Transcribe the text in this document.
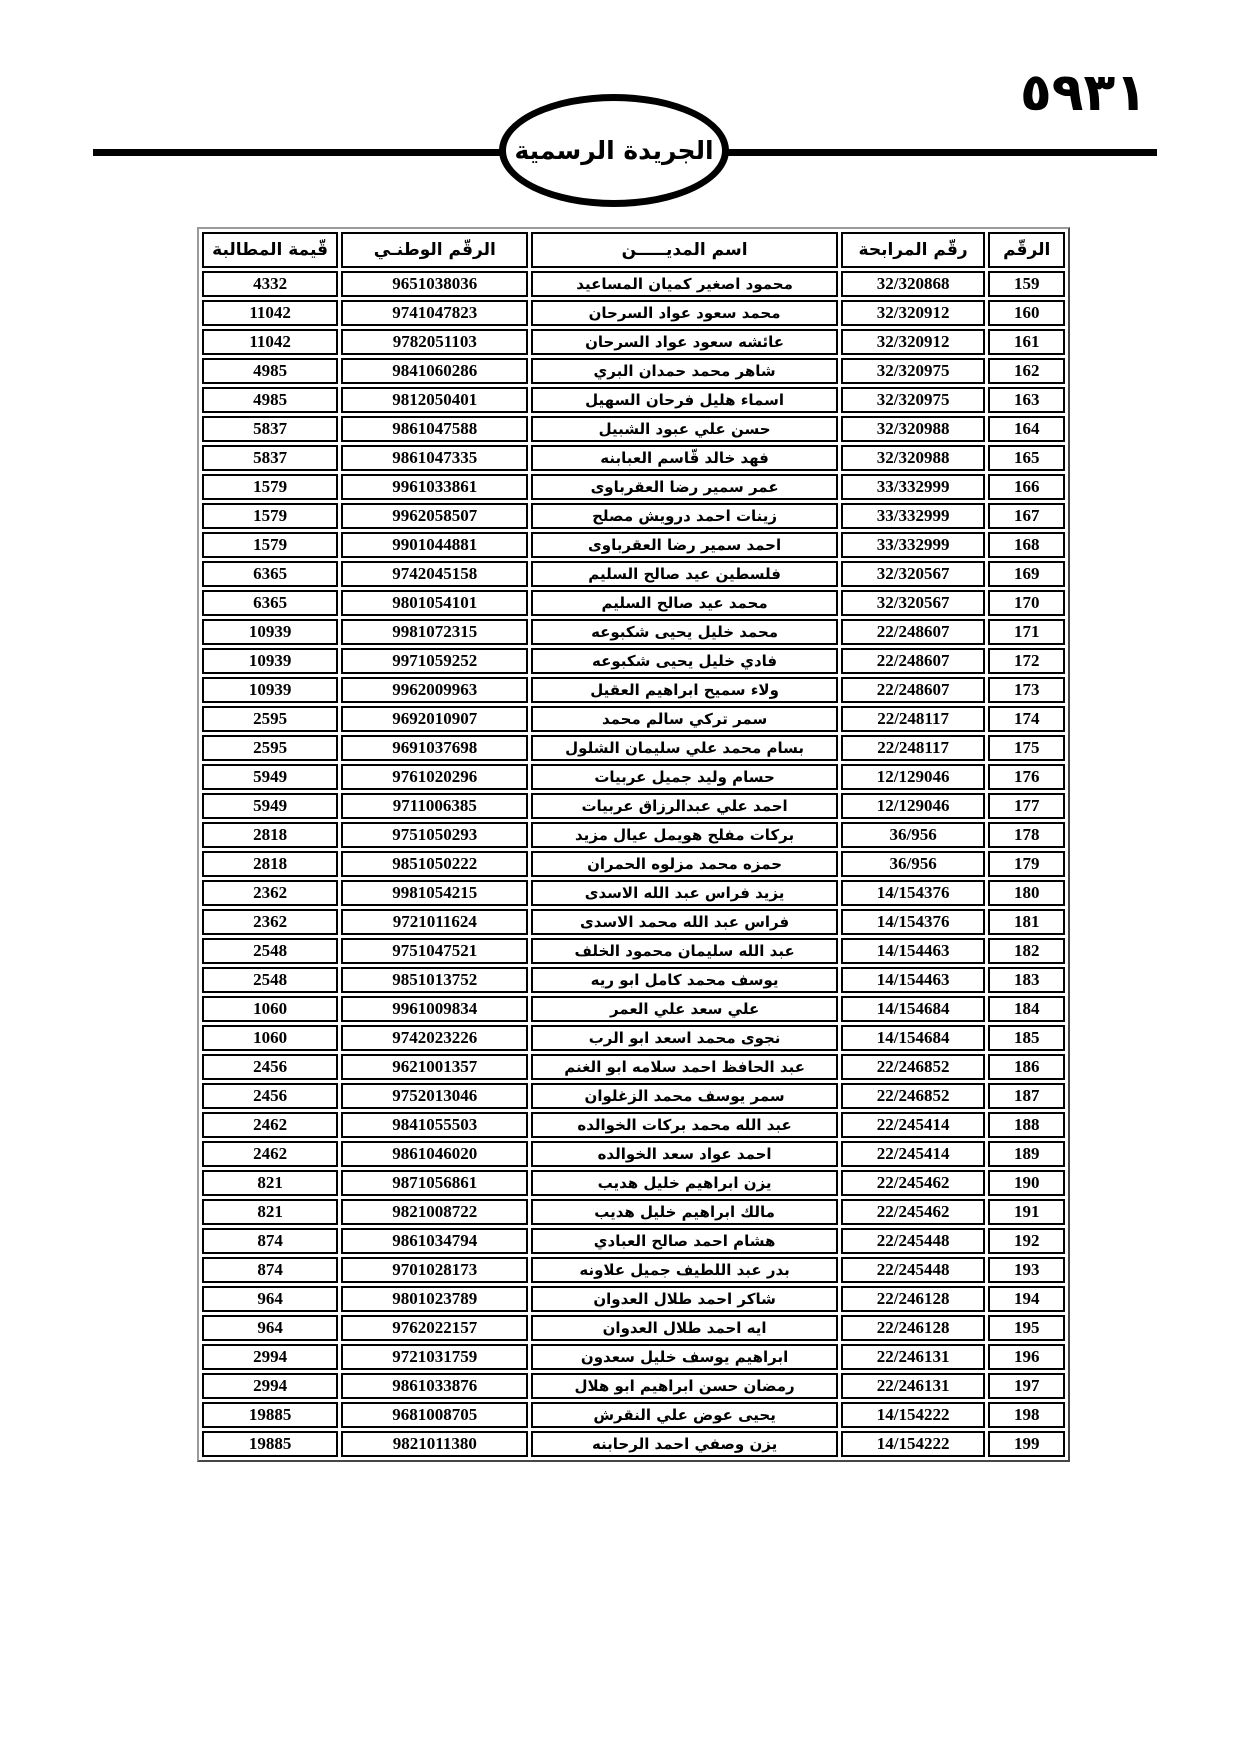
٥٩٣١
الجريدة الرسمية
الرقّم	رقّم المرابحة	اسم المديـــــن	الرقّم الوطنـي	قّيمة المطالبة
159	32/320868	محمود اصغير كميان المساعيد	9651038036	4332
160	32/320912	محمد سعود عواد السرحان	9741047823	11042
161	32/320912	عائشه سعود عواد السرحان	9782051103	11042
162	32/320975	شاهر محمد حمدان البري	9841060286	4985
163	32/320975	اسماء هليل فرحان السهيل	9812050401	4985
164	32/320988	حسن علي عبود الشبيل	9861047588	5837
165	32/320988	فهد خالد قّاسم العبابنه	9861047335	5837
166	33/332999	عمر سمير رضا العقرباوى	9961033861	1579
167	33/332999	زينات احمد درويش مصلح	9962058507	1579
168	33/332999	احمد سمير رضا العقرباوى	9901044881	1579
169	32/320567	فلسطين عيد صالح السليم	9742045158	6365
170	32/320567	محمد عيد صالح السليم	9801054101	6365
171	22/248607	محمد خليل يحيى شكبوعه	9981072315	10939
172	22/248607	فادي خليل يحيى شكبوعه	9971059252	10939
173	22/248607	ولاء سميح ابراهيم العقيل	9962009963	10939
174	22/248117	سمر تركي سالم محمد	9692010907	2595
175	22/248117	بسام محمد علي سليمان الشلول	9691037698	2595
176	12/129046	حسام وليد جميل عربيات	9761020296	5949
177	12/129046	احمد علي عبدالرزاق عربيات	9711006385	5949
178	36/956	بركات مفلح هويمل عيال مزيد	9751050293	2818
179	36/956	حمزه محمد مزلوه الحمران	9851050222	2818
180	14/154376	يزيد فراس عبد الله الاسدى	9981054215	2362
181	14/154376	فراس عبد الله محمد الاسدى	9721011624	2362
182	14/154463	عبد الله سليمان محمود الخلف	9751047521	2548
183	14/154463	يوسف محمد كامل ابو ريه	9851013752	2548
184	14/154684	علي سعد علي العمر	9961009834	1060
185	14/154684	نجوى محمد اسعد ابو الرب	9742023226	1060
186	22/246852	عبد الحافظ احمد سلامه ابو الغنم	9621001357	2456
187	22/246852	سمر يوسف محمد الزغلوان	9752013046	2456
188	22/245414	عبد الله محمد بركات الخوالده	9841055503	2462
189	22/245414	احمد عواد سعد الخوالده	9861046020	2462
190	22/245462	يزن ابراهيم خليل هديب	9871056861	821
191	22/245462	مالك ابراهيم خليل هديب	9821008722	821
192	22/245448	هشام احمد صالح العبادي	9861034794	874
193	22/245448	بدر عبد اللطيف جميل علاونه	9701028173	874
194	22/246128	شاكر احمد طلال العدوان	9801023789	964
195	22/246128	ايه احمد طلال العدوان	9762022157	964
196	22/246131	ابراهيم يوسف خليل سعدون	9721031759	2994
197	22/246131	رمضان حسن ابراهيم ابو هلال	9861033876	2994
198	14/154222	يحيى عوض علي النقرش	9681008705	19885
199	14/154222	يزن وصفي احمد الرحابنه	9821011380	19885
